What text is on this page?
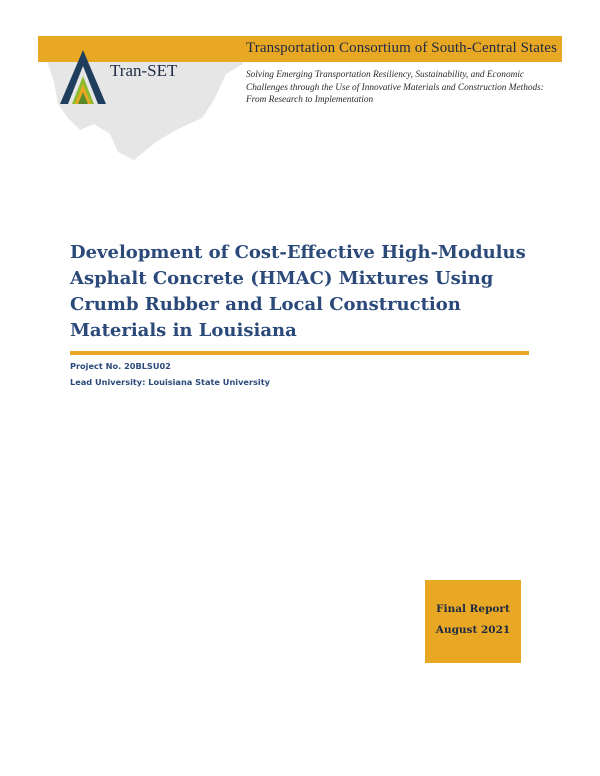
Transportation Consortium of South-Central States
Tran-SET	Solving Emerging Transportation Resiliency, Sustainability, and Economic Challenges through the Use of Innovative Materials and Construction Methods: From Research to Implementation
Development of Cost-Effective High-Modulus Asphalt Concrete (HMAC) Mixtures Using Crumb Rubber and Local Construction Materials in Louisiana
Project No. 20BLSU02
Lead University: Louisiana State University
Final Report
August 2021
